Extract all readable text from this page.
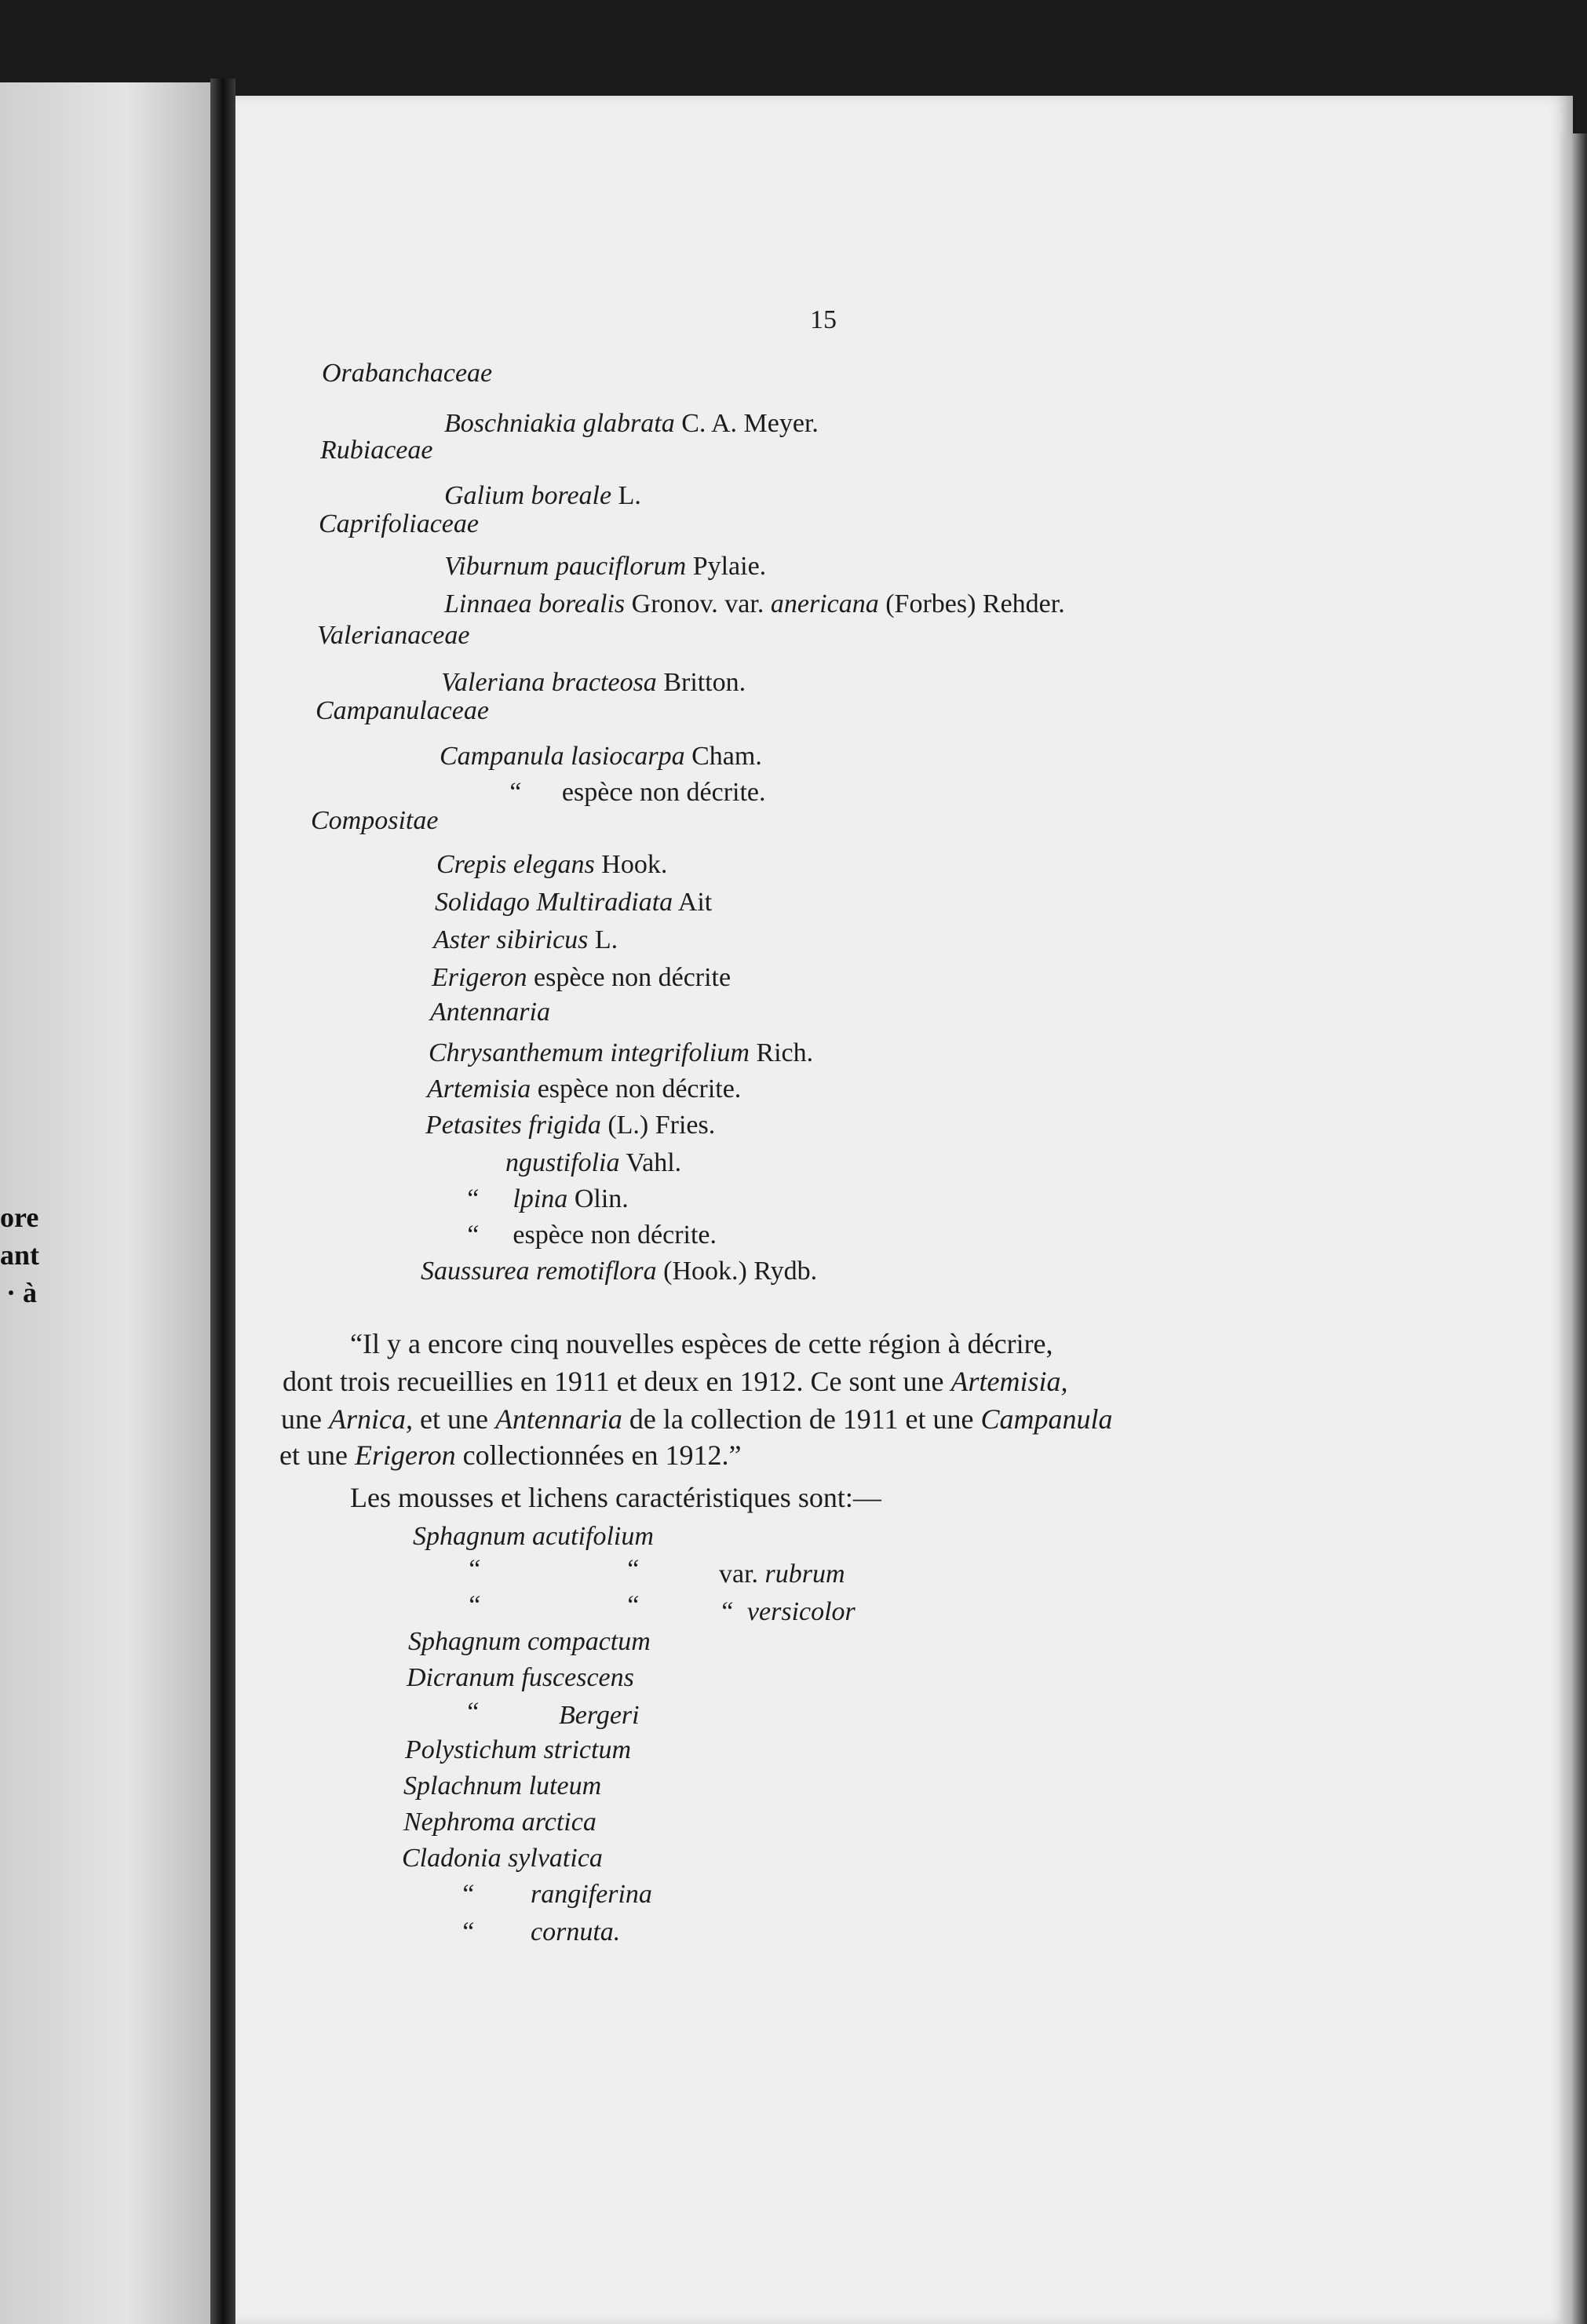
ore
ant
· à
15
Orabanchaceae
Boschniakia glabrata C. A. Meyer.
Rubiaceae
Galium boreale L.
Caprifoliaceae
Viburnum pauciflorum Pylaie.
Linnaea borealis Gronov. var. anericana (Forbes) Rehder.
Valerianaceae
Valeriana bracteosa Britton.
Campanulaceae
Campanula lasiocarpa Cham.
“      espèce non décrite.
Compositae
Crepis elegans Hook.
Solidago Multiradiata Ait
Aster sibiricus L.
Erigeron espèce non décrite
Antennaria
Chrysanthemum integrifolium Rich.
Artemisia espèce non décrite.
Petasites frigida (L.) Fries.
ngustifolia Vahl.
“     lpina Olin.
“     espèce non décrite.
Saussurea remotiflora (Hook.) Rydb.
“Il y a encore cinq nouvelles espèces de cette région à décrire,
dont trois recueillies en 1911 et deux en 1912. Ce sont une Artemisia,
une Arnica, et une Antennaria de la collection de 1911 et une Campanula
et une Erigeron collectionnées en 1912.”
Les mousses et lichens caractéristiques sont:—
Sphagnum acutifolium
“	“	var. rubrum
“	“	“  versicolor
Sphagnum compactum
Dicranum fuscescens
“	Bergeri
Polystichum strictum
Splachnum luteum
Nephroma arctica
Cladonia sylvatica
“ rangiferina
“ cornuta.
